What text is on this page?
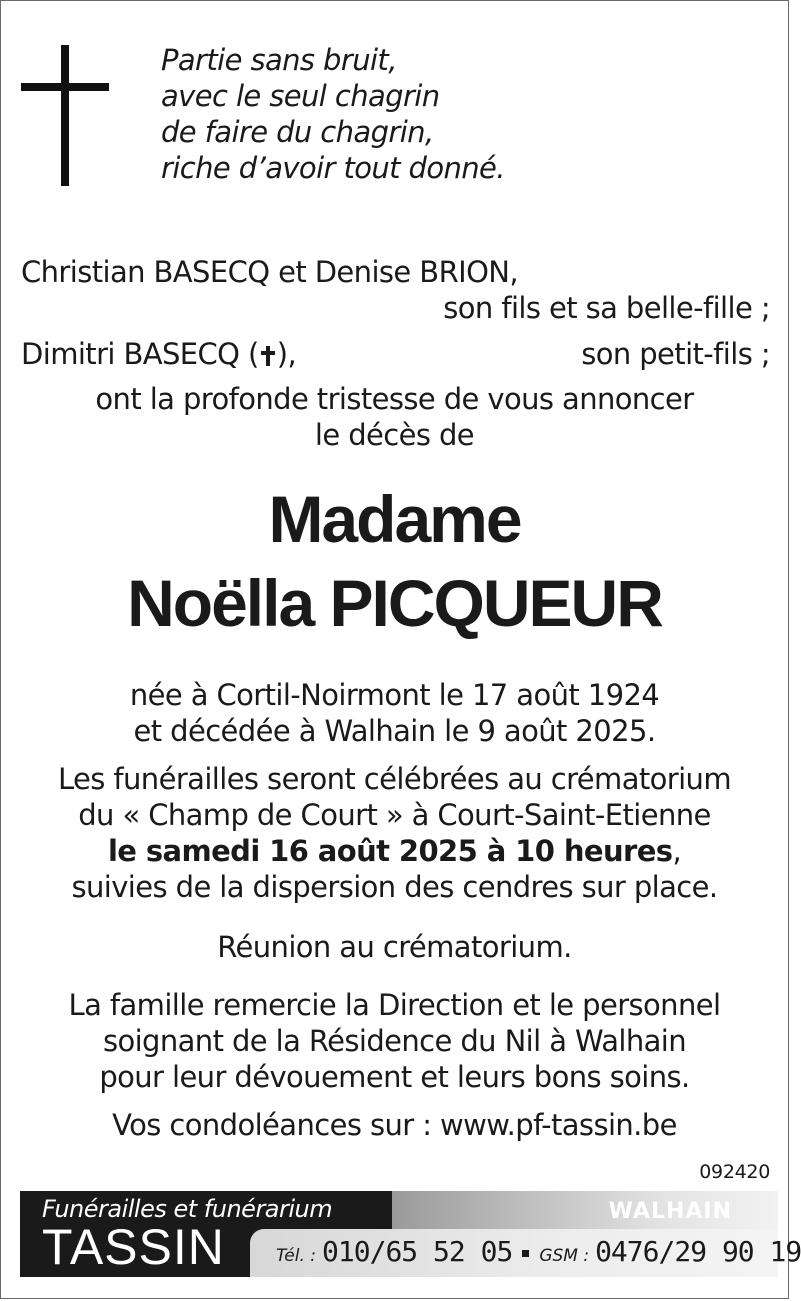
Partie sans bruit,
avec le seul chagrin
de faire du chagrin,
riche d’avoir tout donné.
Christian BASECQ et Denise BRION,
son fils et sa belle-fille ;
Dimitri BASECQ ( ),	son petit-fils ;
ont la profonde tristesse de vous annoncer
le décès de
Madame
Noëlla PICQUEUR
née à Cortil-Noirmont le 17 août 1924
et décédée à Walhain le 9 août 2025.
Les funérailles seront célébrées au crématorium
du « Champ de Court » à Court-Saint-Etienne
le samedi 16 août 2025 à 10 heures,
suivies de la dispersion des cendres sur place.
Réunion au crématorium.
La famille remercie la Direction et le personnel
soignant de la Résidence du Nil à Walhain
pour leur dévouement et leurs bons soins.
Vos condoléances sur : www.pf-tassin.be
092420
Funérailles et funérarium
TASSIN
WALHAIN
Tél. : 010/65 52 05 GSM : 0476/29 90 19
